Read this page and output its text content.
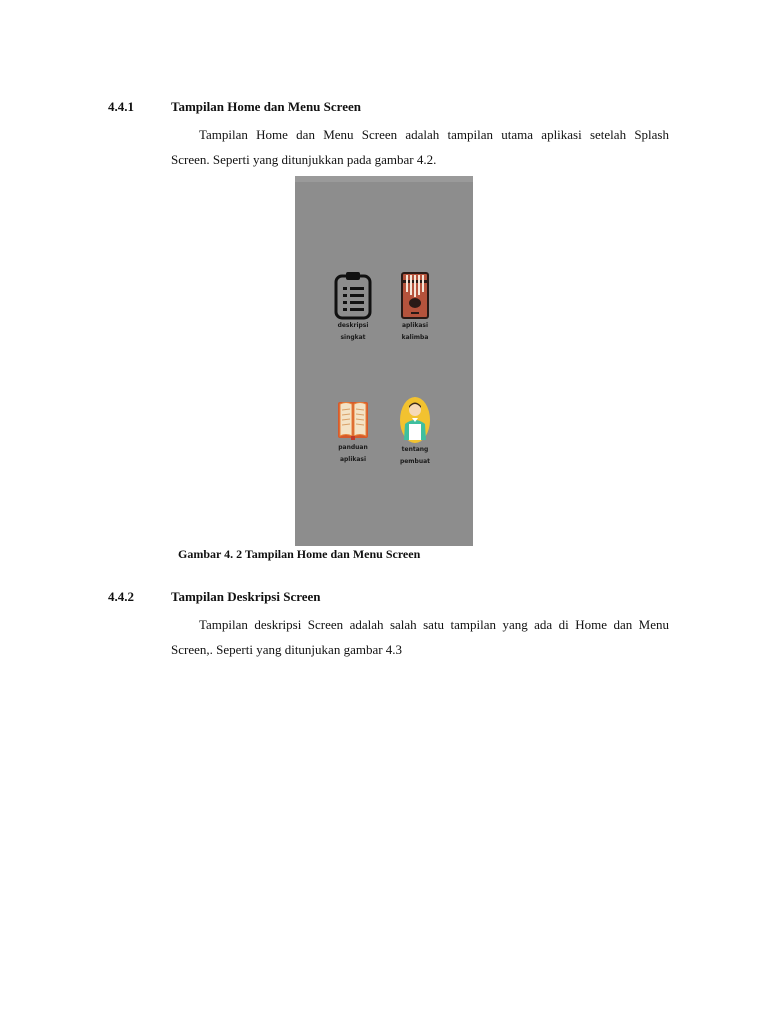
4.4.1	Tampilan Home dan Menu Screen
Tampilan Home dan Menu Screen adalah tampilan utama aplikasi setelah Splash
Screen. Seperti yang ditunjukkan pada gambar 4.2.
deskripsi
singkat
aplikasi
kalimba
panduan
aplikasi
tentang
pembuat
Gambar 4. 2 Tampilan Home dan Menu Screen
4.4.2	Tampilan Deskripsi Screen
Tampilan deskripsi Screen adalah salah satu tampilan yang ada di Home dan Menu
Screen,. Seperti yang ditunjukan gambar 4.3
